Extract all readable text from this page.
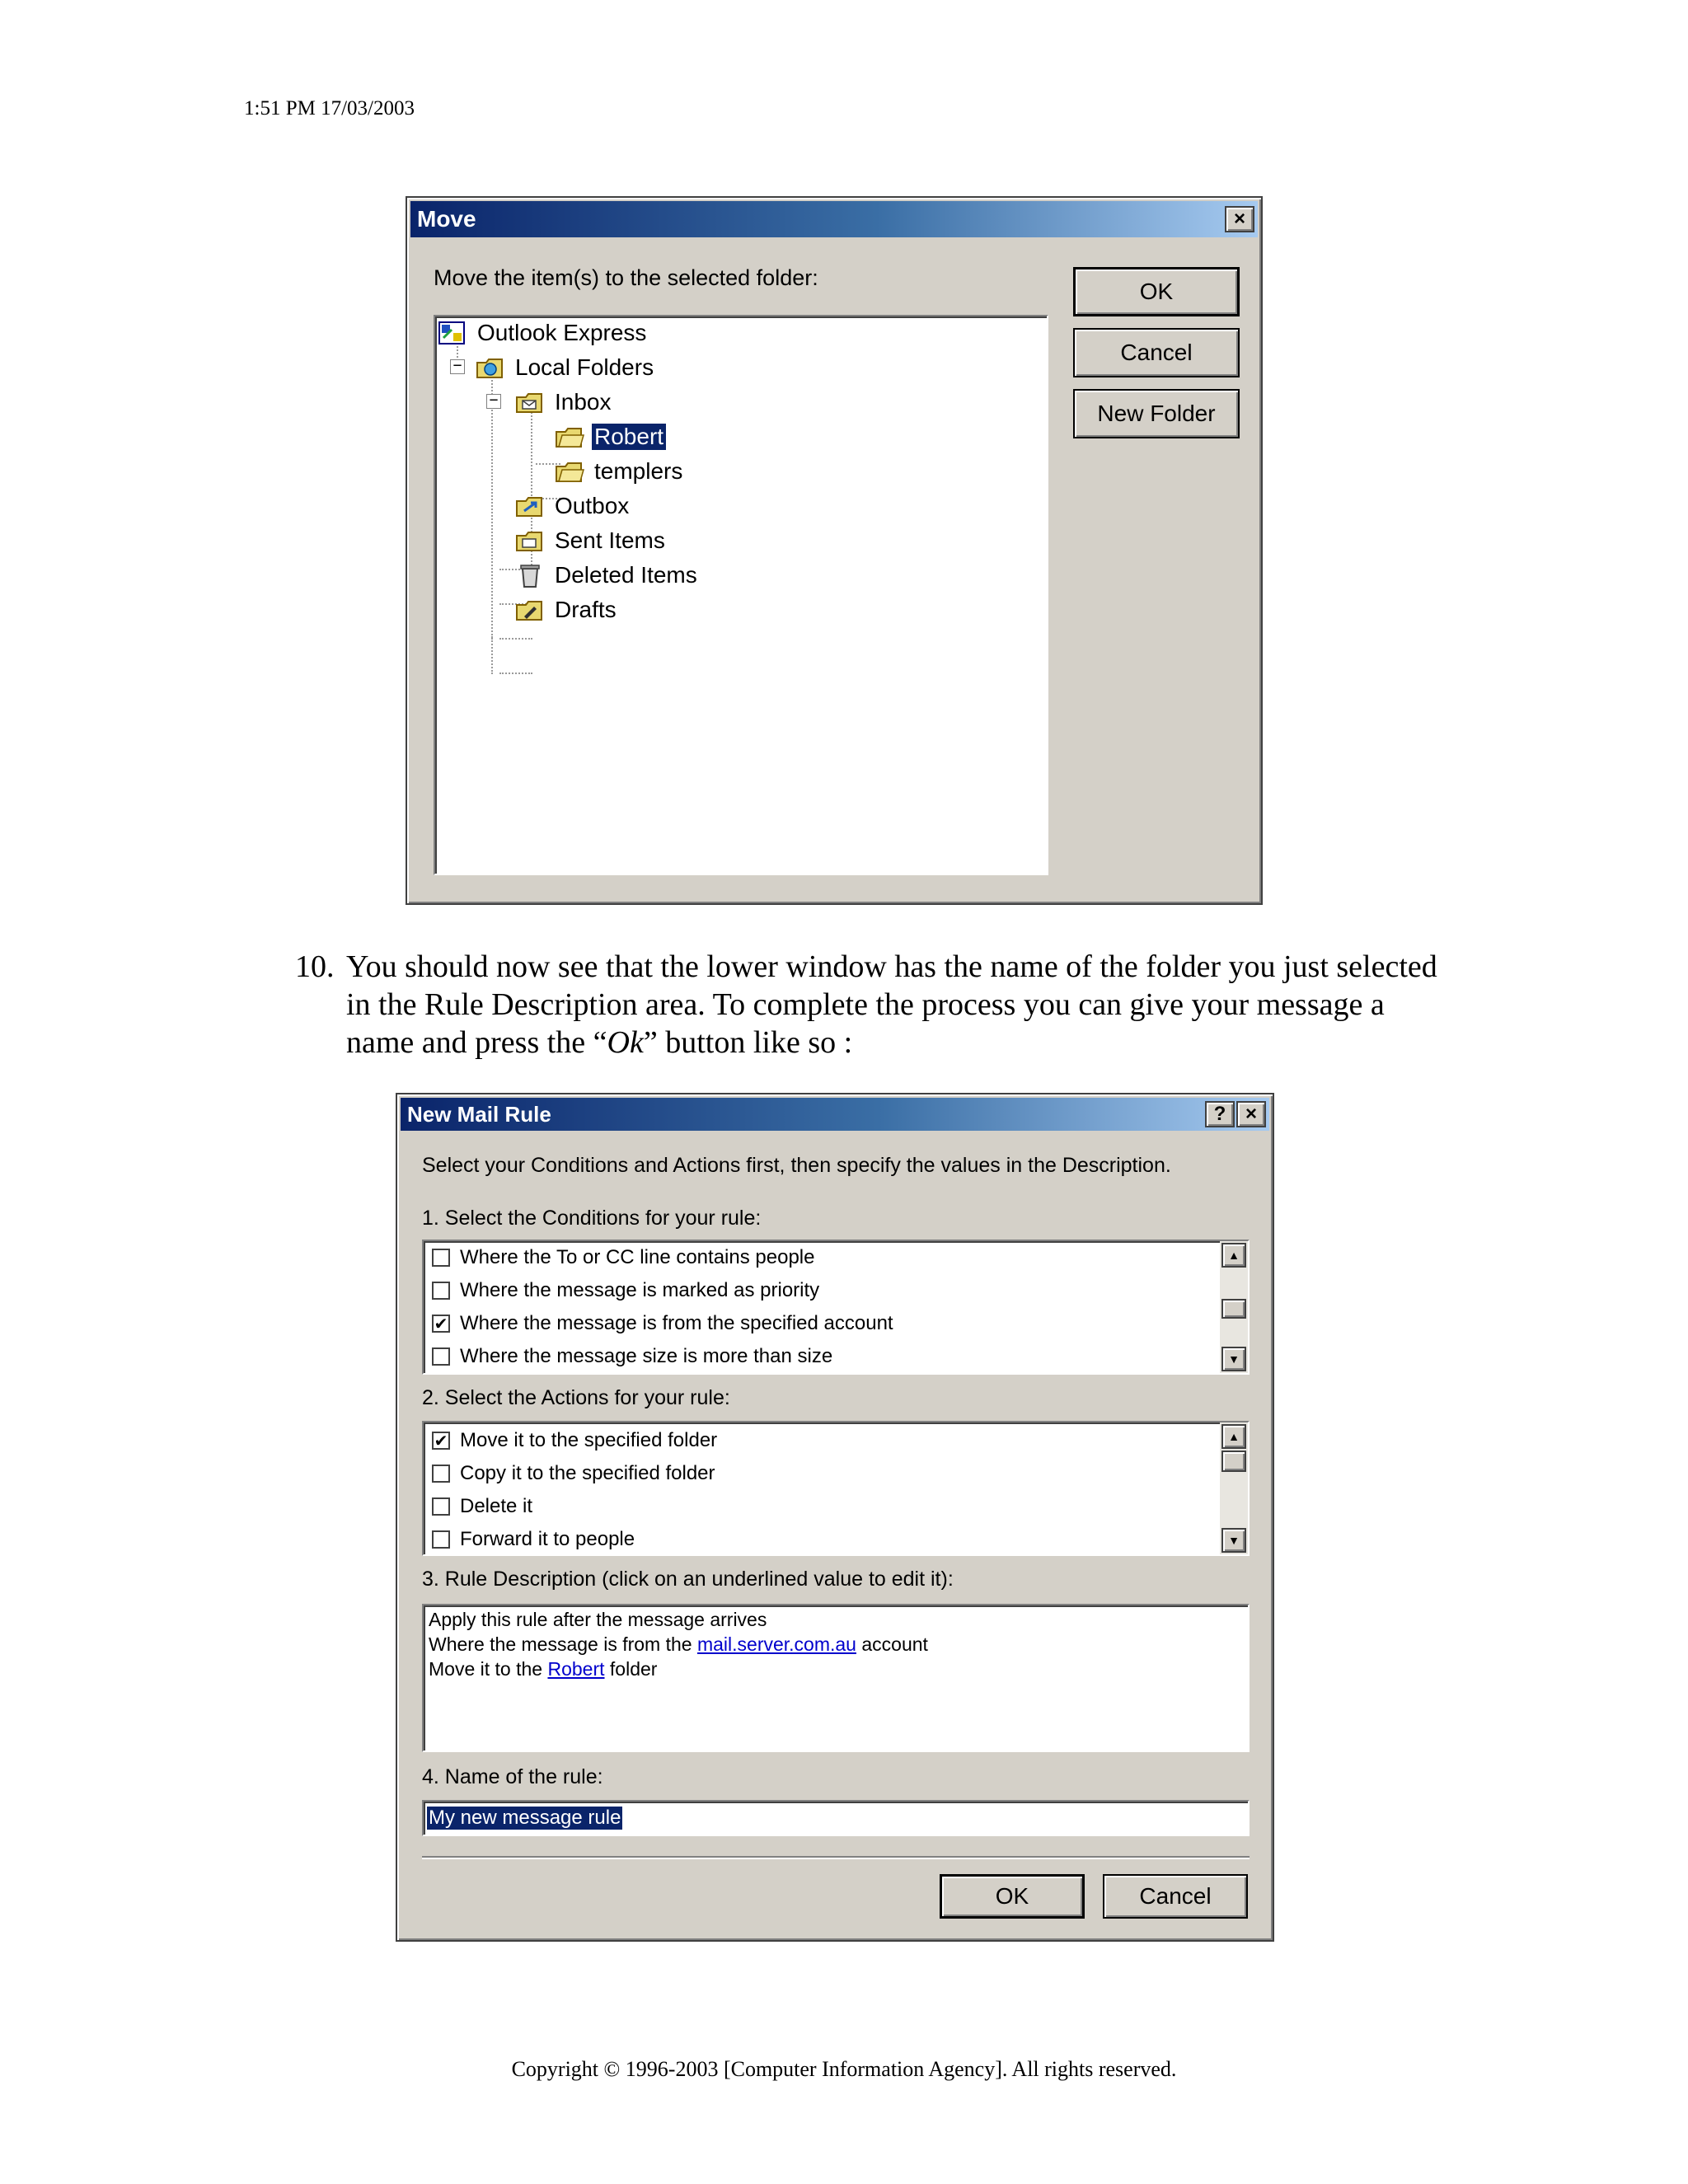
1:51 PM 17/03/2003
Move	×
Move the item(s) to the selected folder:
OK
Cancel
New Folder
−
−
Outlook Express
Local Folders
Inbox
Robert
templers
Outbox
Sent Items
Deleted Items
Drafts
10. You should now see that the lower window has the name of the folder you just selected in the Rule Description area. To complete the process you can give your message a name and press the “Ok” button like so :
New Mail Rule	? ×
Select your Conditions and Actions first, then specify the values in the Description.
1. Select the Conditions for your rule:
Where the To or CC line contains people
Where the message is marked as priority
✔ Where the message is from the specified account
Where the message size is more than size
▲
▼
2. Select the Actions for your rule:
✔ Move it to the specified folder
Copy it to the specified folder
Delete it
Forward it to people
▲
▼
3. Rule Description (click on an underlined value to edit it):
Apply this rule after the message arrives
Where the message is from the mail.server.com.au account
Move it to the Robert folder
4. Name of the rule:
My new message rule
OK	Cancel
Copyright © 1996-2003 [Computer Information Agency]. All rights reserved.
